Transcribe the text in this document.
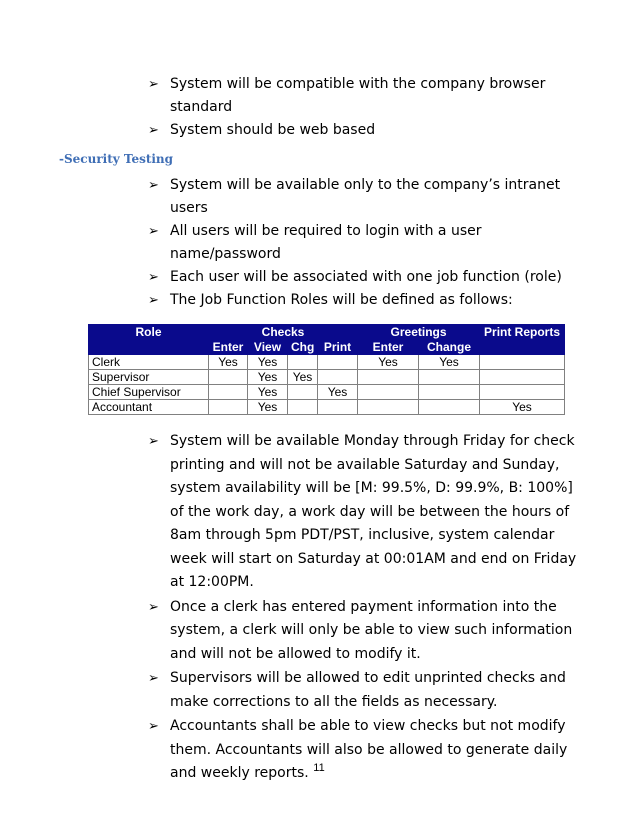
➢ System will be compatible with the company browser standard
➢ System should be web based

-Security Testing

➢ System will be available only to the company’s intranet users
➢ All users will be required to login with a user name/password
➢ Each user will be associated with one job function (role)
➢ The Job Function Roles will be defined as follows:
Role	Checks				Greetings		Print Reports
	Enter	View	Chg	Print	Enter	Change	
Clerk	Yes	Yes			Yes	Yes	
Supervisor		Yes	Yes				
Chief Supervisor		Yes		Yes			
Accountant		Yes					Yes
➢ System will be available Monday through Friday for check printing and will not be available Saturday and Sunday, system availability will be [M: 99.5%, D: 99.9%, B: 100%] of the work day, a work day will be between the hours of 8am through 5pm PDT/PST, inclusive, system calendar week will start on Saturday at 00:01AM and end on Friday at 12:00PM.
➢ Once a clerk has entered payment information into the system, a clerk will only be able to view such information and will not be allowed to modify it.
➢ Supervisors will be allowed to edit unprinted checks and make corrections to all the fields as necessary.
➢ Accountants shall be able to view checks but not modify them. Accountants will also be allowed to generate daily and weekly reports. 11
